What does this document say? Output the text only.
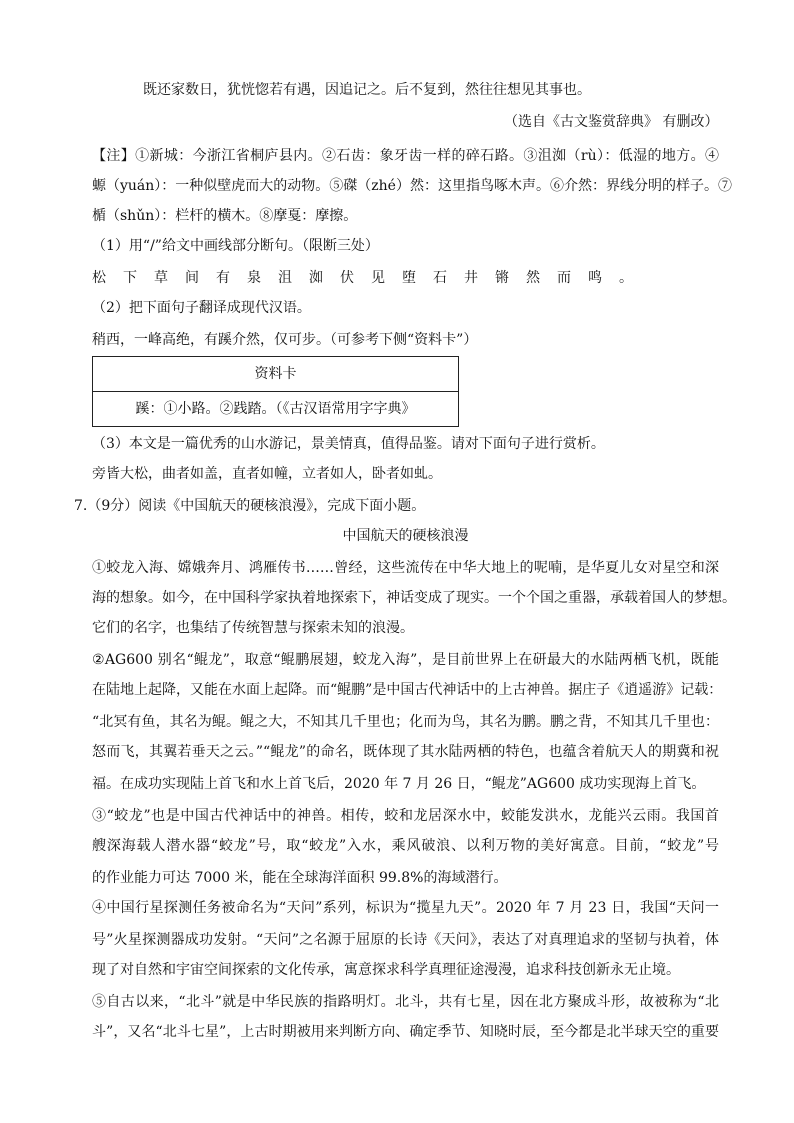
既还家数日，犹恍惚若有遇，因追记之。后不复到，然往往想见其事也。
（选自《古文鉴赏辞典》 有删改）
【注】①新城：今浙江省桐庐县内。②石齿：象牙齿一样的碎石路。③沮洳（rù）：低湿的地方。④
螈（yuán）：一种似壁虎而大的动物。⑤磔（zhé）然：这里指鸟啄木声。⑥介然：界线分明的样子。⑦
楯（shǔn）：栏杆的横木。⑧摩戛：摩擦。
（1）用“/”给文中画线部分断句。（限断三处）
松下草间有泉沮洳伏见堕石井锵然而鸣。
（2）把下面句子翻译成现代汉语。
稍西，一峰高绝，有蹊介然，仅可步。（可参考下侧“资料卡”）
资料卡
蹊：①小路。②践踏。（《古汉语常用字字典》
（3）本文是一篇优秀的山水游记，景美情真，值得品鉴。请对下面句子进行赏析。
旁皆大松，曲者如盖，直者如幢，立者如人，卧者如虬。
7.（9分）阅读《中国航天的硬核浪漫》，完成下面小题。
中国航天的硬核浪漫
①蛟龙入海、嫦娥奔月、鸿雁传书……曾经，这些流传在中华大地上的呢喃，是华夏儿女对星空和深
海的想象。如今，在中国科学家执着地探索下，神话变成了现实。一个个国之重器，承载着国人的梦想。
它们的名字，也集结了传统智慧与探索未知的浪漫。
②AG600 别名“鲲龙”，取意“鲲鹏展翅，蛟龙入海”，是目前世界上在研最大的水陆两栖飞机，既能
在陆地上起降，又能在水面上起降。而“鲲鹏”是中国古代神话中的上古神兽。据庄子《逍遥游》记载：
“北冥有鱼，其名为鲲。鲲之大，不知其几千里也；化而为鸟，其名为鹏。鹏之背，不知其几千里也：
怒而飞，其翼若垂天之云。”“鲲龙”的命名，既体现了其水陆两栖的特色，也蕴含着航天人的期冀和祝
福。在成功实现陆上首飞和水上首飞后，2020 年 7 月 26 日，“鲲龙”AG600 成功实现海上首飞。
③“蛟龙”也是中国古代神话中的神兽。相传，蛟和龙居深水中，蛟能发洪水，龙能兴云雨。我国首
艘深海载人潜水器“蛟龙”号，取“蛟龙”入水，乘风破浪、以利万物的美好寓意。目前，“蛟龙”号
的作业能力可达 7000 米，能在全球海洋面积 99.8%的海域潜行。
④中国行星探测任务被命名为“天问”系列，标识为“揽星九天”。2020 年 7 月 23 日，我国“天问一
号”火星探测器成功发射。“天问”之名源于屈原的长诗《天问》，表达了对真理追求的坚韧与执着，体
现了对自然和宇宙空间探索的文化传承，寓意探求科学真理征途漫漫，追求科技创新永无止境。
⑤自古以来，“北斗”就是中华民族的指路明灯。北斗，共有七星，因在北方聚成斗形，故被称为“北
斗”，又名“北斗七星”，上古时期被用来判断方向、确定季节、知晓时辰，至今都是北半球天空的重要
